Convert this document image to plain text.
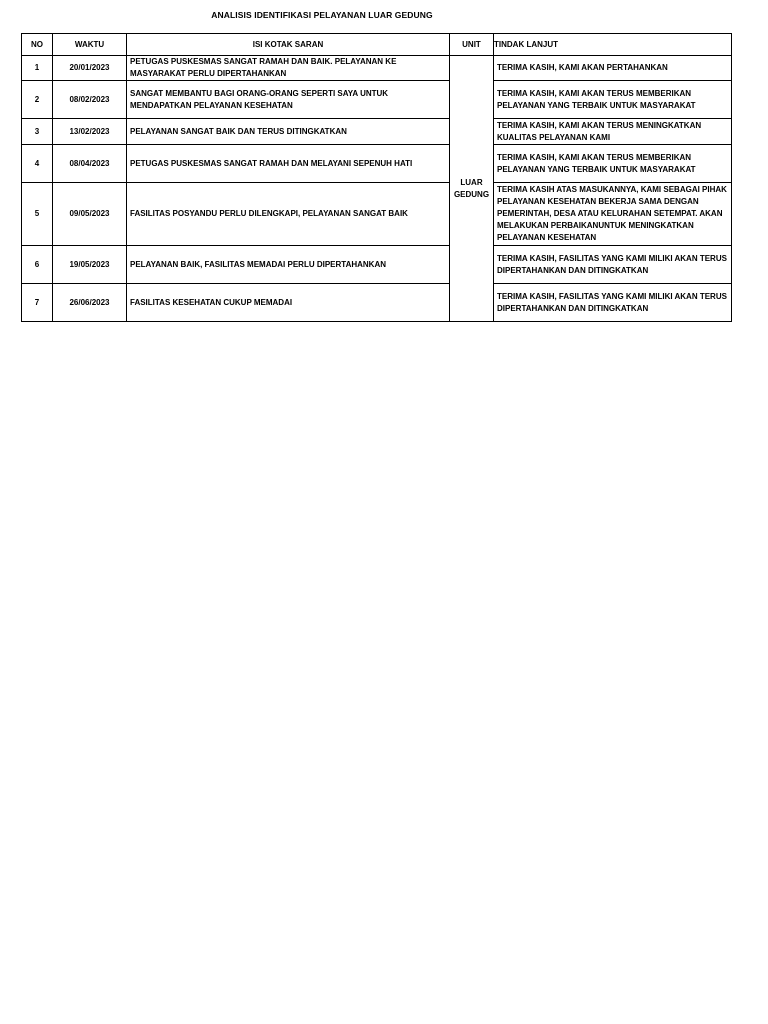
ANALISIS IDENTIFIKASI PELAYANAN LUAR GEDUNG
NO	WAKTU	ISI KOTAK SARAN	UNIT	TINDAK LANJUT
1	20/01/2023	PETUGAS PUSKESMAS SANGAT RAMAH DAN BAIK. PELAYANAN KE MASYARAKAT PERLU DIPERTAHANKAN	LUAR GEDUNG	TERIMA KASIH, KAMI AKAN PERTAHANKAN
2	08/02/2023	SANGAT MEMBANTU BAGI ORANG-ORANG SEPERTI SAYA UNTUK MENDAPATKAN PELAYANAN KESEHATAN		TERIMA KASIH, KAMI AKAN TERUS MEMBERIKAN PELAYANAN YANG TERBAIK UNTUK MASYARAKAT
3	13/02/2023	PELAYANAN SANGAT BAIK DAN TERUS DITINGKATKAN		TERIMA KASIH, KAMI AKAN TERUS MENINGKATKAN KUALITAS PELAYANAN KAMI
4	08/04/2023	PETUGAS PUSKESMAS SANGAT RAMAH DAN MELAYANI SEPENUH HATI		TERIMA KASIH, KAMI AKAN TERUS MEMBERIKAN PELAYANAN YANG TERBAIK UNTUK MASYARAKAT
5	09/05/2023	FASILITAS POSYANDU PERLU DILENGKAPI, PELAYANAN SANGAT BAIK		TERIMA KASIH ATAS MASUKANNYA, KAMI SEBAGAI PIHAK PELAYANAN KESEHATAN BEKERJA SAMA DENGAN PEMERINTAH, DESA ATAU KELURAHAN SETEMPAT. AKAN MELAKUKAN PERBAIKANUNTUK MENINGKATKAN PELAYANAN KESEHATAN
6	19/05/2023	PELAYANAN BAIK, FASILITAS MEMADAI PERLU DIPERTAHANKAN		TERIMA KASIH, FASILITAS YANG KAMI MILIKI AKAN TERUS DIPERTAHANKAN DAN DITINGKATKAN
7	26/06/2023	FASILITAS KESEHATAN CUKUP MEMADAI		TERIMA KASIH, FASILITAS YANG KAMI MILIKI AKAN TERUS DIPERTAHANKAN DAN DITINGKATKAN
